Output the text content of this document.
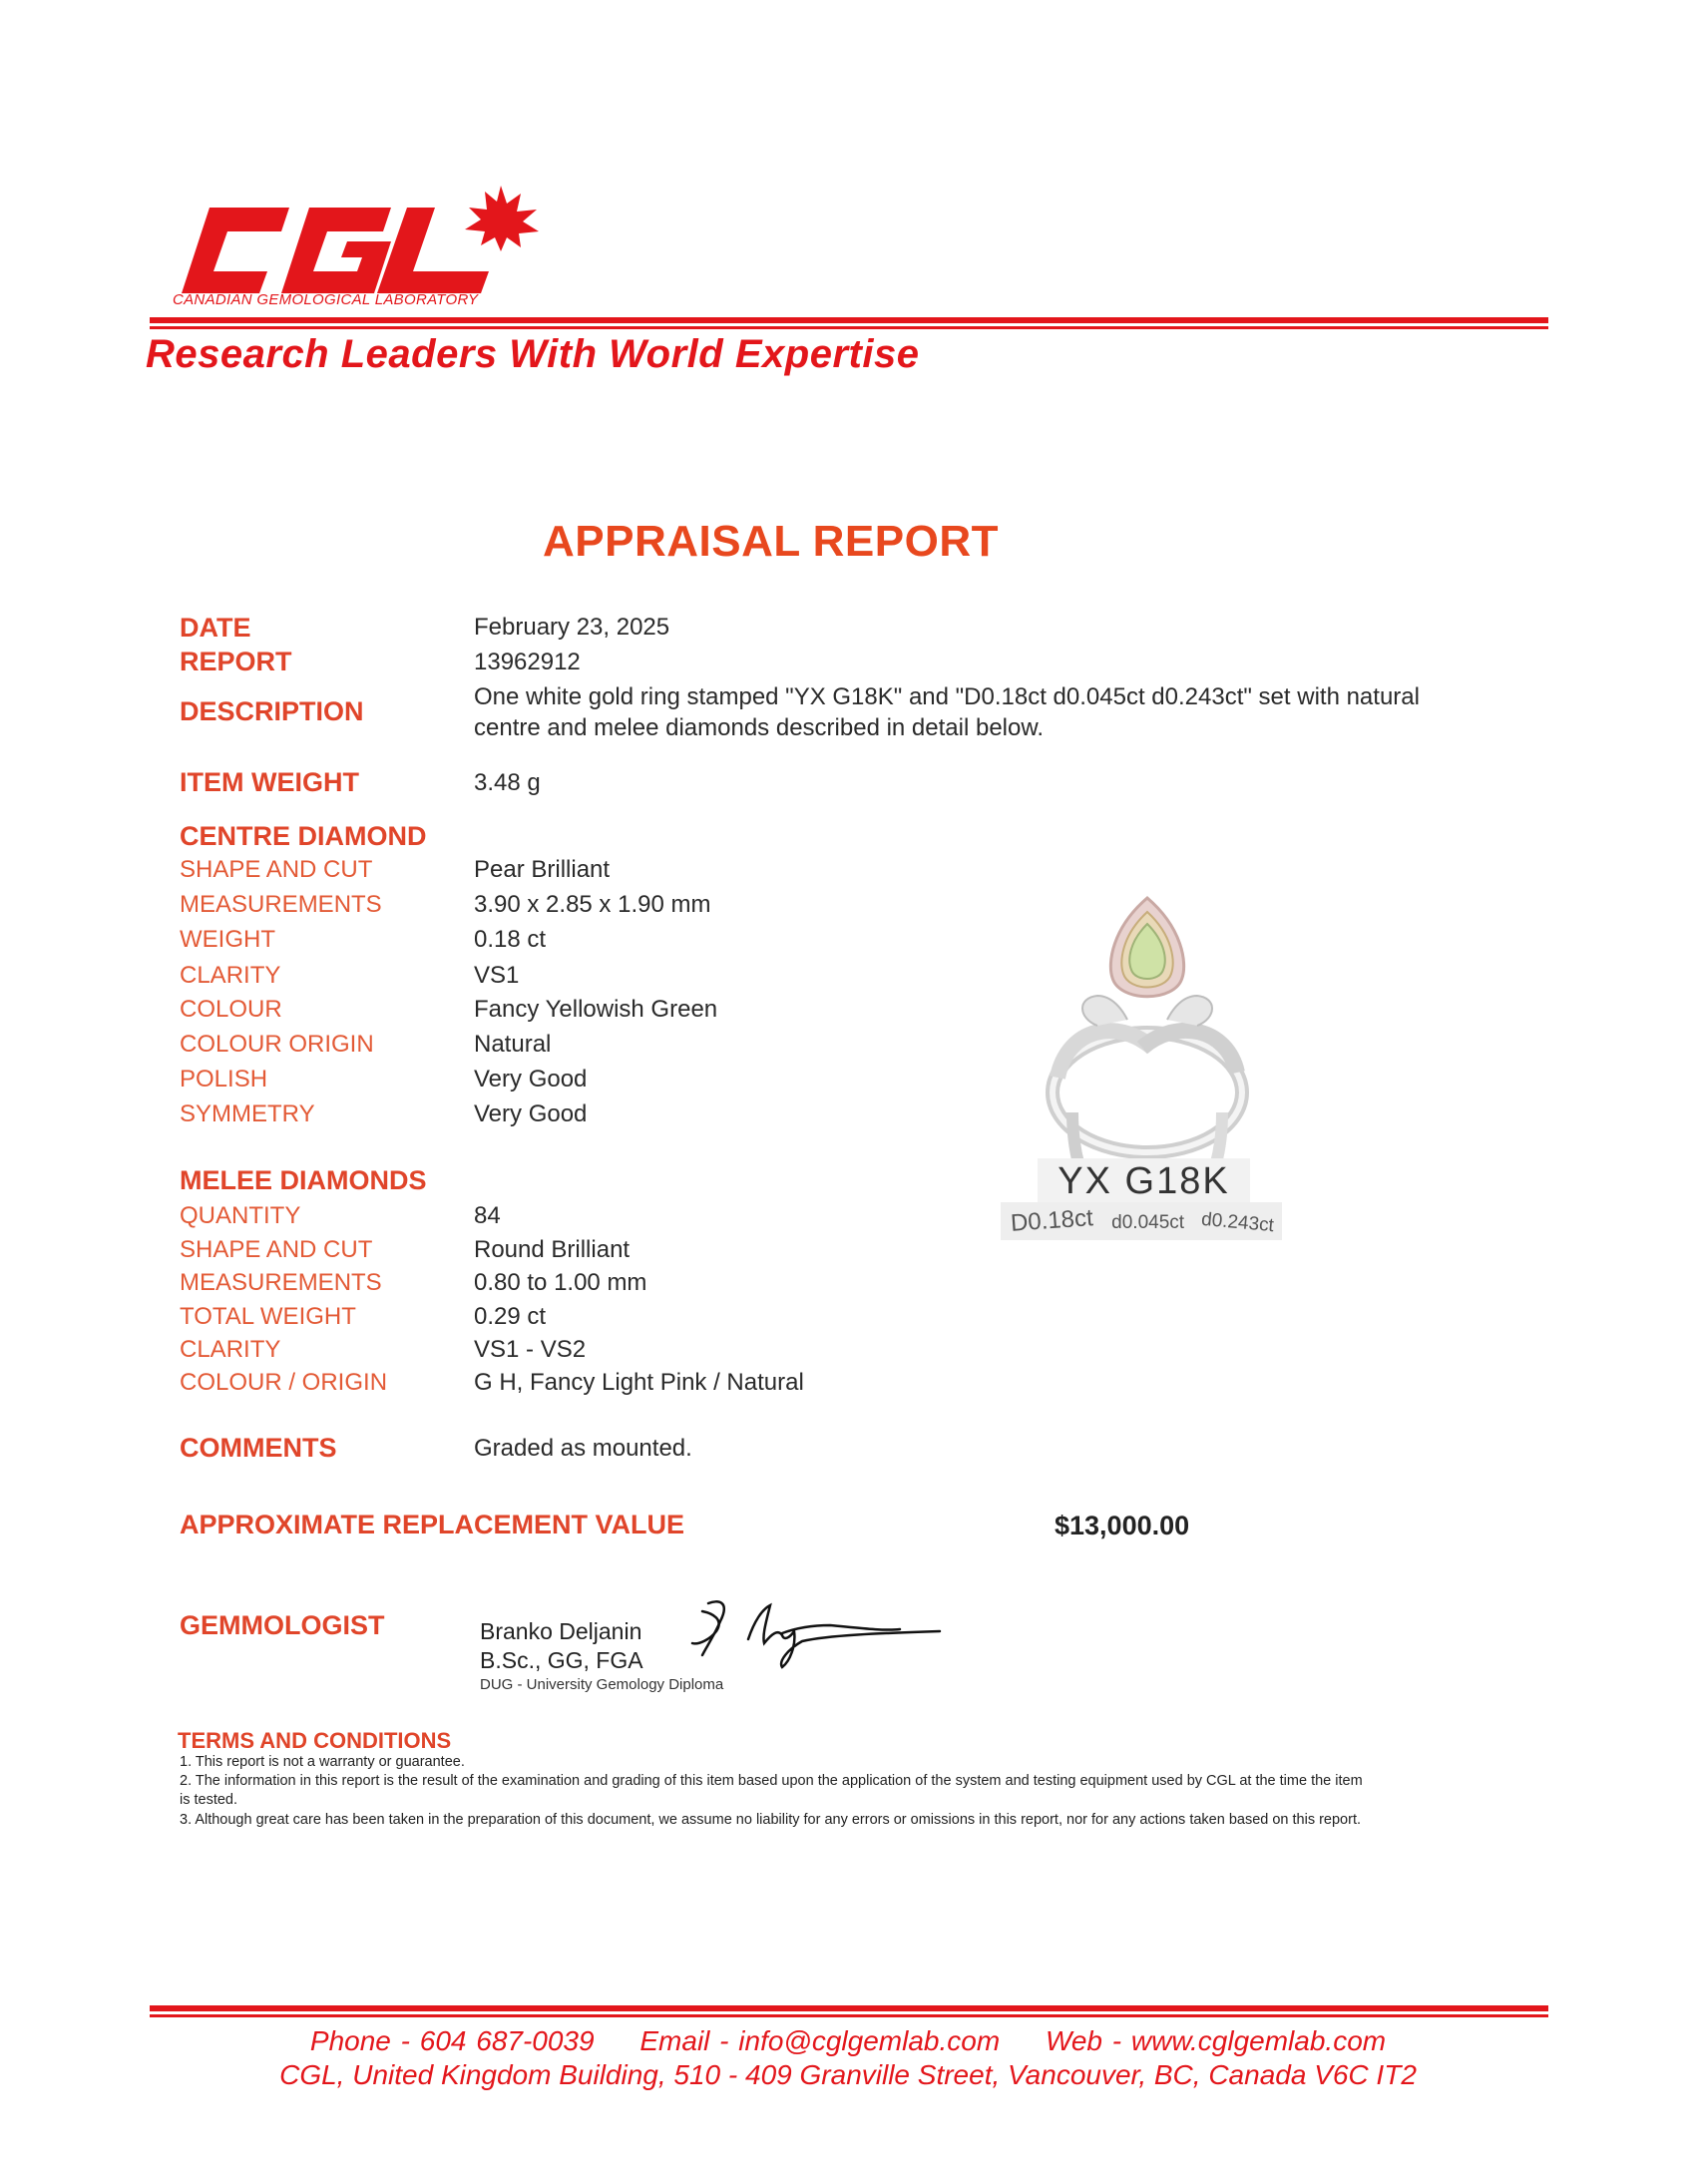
CANADIAN GEMOLOGICAL LABORATORY
Research Leaders With World Expertise
APPRAISAL REPORT
DATE	February 23, 2025
REPORT	13962912
DESCRIPTION	One white gold ring stamped "YX G18K" and "D0.18ct d0.045ct d0.243ct" set with natural centre and melee diamonds described in detail below.
ITEM WEIGHT	3.48 g
CENTRE DIAMOND
SHAPE AND CUT	Pear Brilliant
MEASUREMENTS	3.90 x 2.85 x 1.90 mm
WEIGHT	0.18 ct
CLARITY	VS1
COLOUR	Fancy Yellowish Green
COLOUR ORIGIN	Natural
POLISH	Very Good
SYMMETRY	Very Good
MELEE DIAMONDS
QUANTITY	84
SHAPE AND CUT	Round Brilliant
MEASUREMENTS	0.80 to 1.00 mm
TOTAL WEIGHT	0.29 ct
CLARITY	VS1 - VS2
COLOUR / ORIGIN	G H, Fancy Light Pink / Natural
COMMENTS	Graded as mounted.
APPROXIMATE REPLACEMENT VALUE	$13,000.00
GEMMOLOGIST	Branko Deljanin
B.Sc., GG, FGA
DUG - University Gemology Diploma
YX G18K
D0.18ct d0.045ct d0.243ct
TERMS AND CONDITIONS
1. This report is not a warranty or guarantee.
2. The information in this report is the result of the examination and grading of this item based upon the application of the system and testing equipment used by CGL at the time the item is tested.
3. Although great care has been taken in the preparation of this document, we assume no liability for any errors or omissions in this report, nor for any actions taken based on this report.
Phone - 604 687-0039 Email - info@cglgemlab.com Web - www.cglgemlab.com
CGL, United Kingdom Building, 510 - 409 Granville Street, Vancouver, BC, Canada V6C IT2
